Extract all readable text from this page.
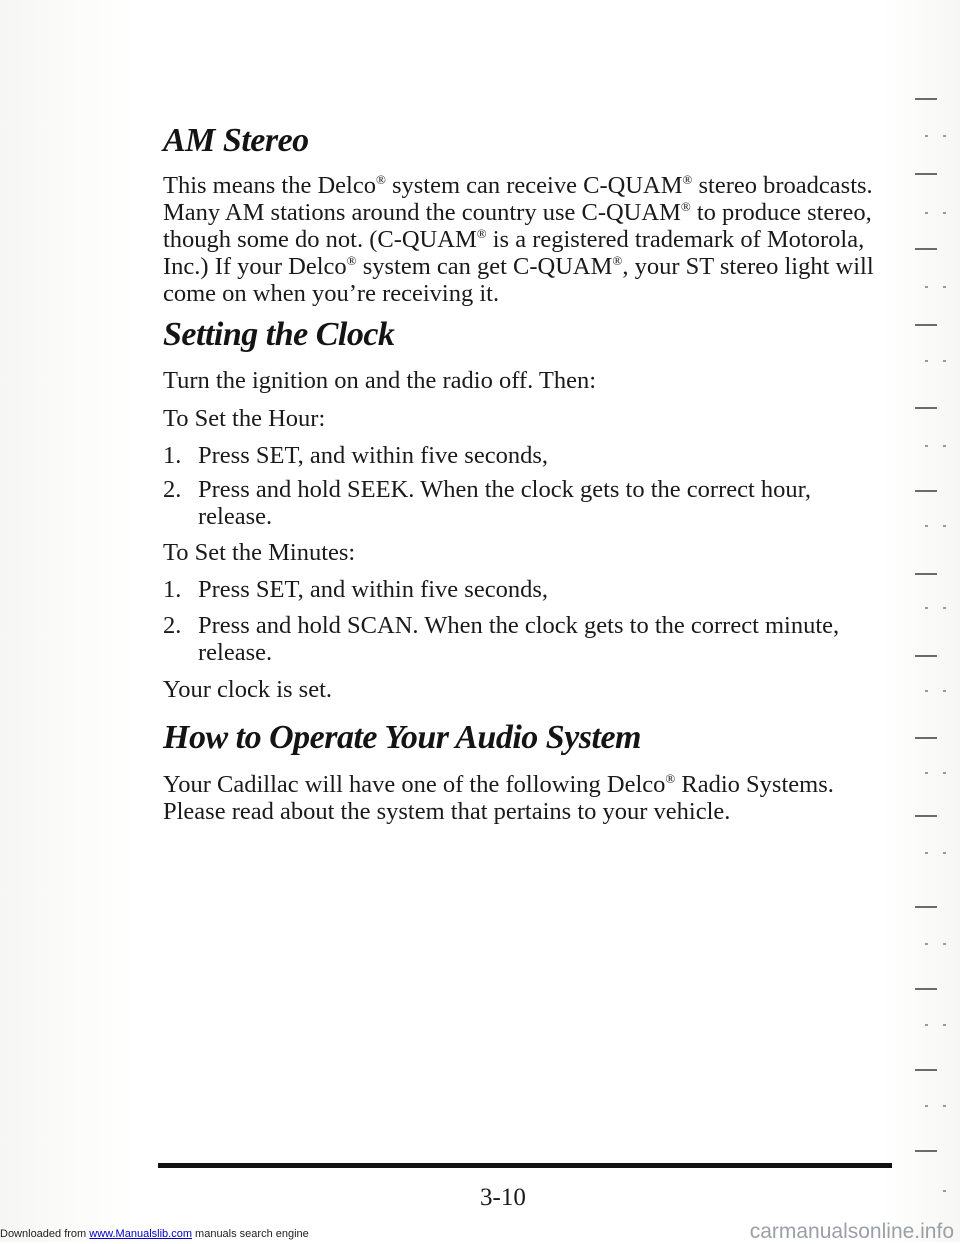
AM Stereo
This means the Delco® system can receive C-QUAM® stereo broadcasts.
Many AM stations around the country use C-QUAM® to produce stereo,
though some do not. (C-QUAM® is a registered trademark of Motorola,
Inc.) If your Delco® system can get C-QUAM®, your ST stereo light will
come on when you’re receiving it.
Setting the Clock
Turn the ignition on and the radio off. Then:
To Set the Hour:
1. Press SET, and within five seconds,
2. Press and hold SEEK. When the clock gets to the correct hour,
release.
To Set the Minutes:
1. Press SET, and within five seconds,
2. Press and hold SCAN. When the clock gets to the correct minute,
release.
Your clock is set.
How to Operate Your Audio System
Your Cadillac will have one of the following Delco® Radio Systems.
Please read about the system that pertains to your vehicle.
3-10
Downloaded from www.Manualslib.com manuals search engine	carmanualsonline.info
